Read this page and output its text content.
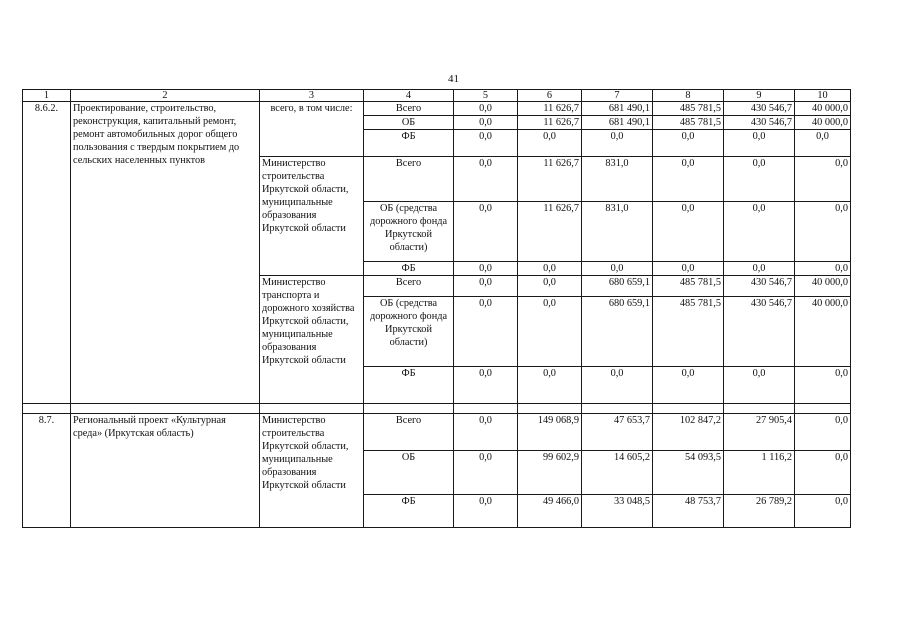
41
1	2	3	4	5	6	7	8	9	10
8.6.2.	Проектирование, строительство, реконструкция, капитальный ремонт, ремонт автомобильных дорог общего пользования с твердым покрытием до сельских населенных пунктов	всего, в том числе:	Всего	0,0	11 626,7	681 490,1	485 781,5	430 546,7	40 000,0
			ОБ	0,0	11 626,7	681 490,1	485 781,5	430 546,7	40 000,0
			ФБ	0,0	0,0	0,0	0,0	0,0	0,0
		Министерство строительства Иркутской области, муниципальные образования Иркутской области	Всего	0,0	11 626,7	831,0	0,0	0,0	0,0
			ОБ (средства дорожного фонда Иркутской области)	0,0	11 626,7	831,0	0,0	0,0	0,0
			ФБ	0,0	0,0	0,0	0,0	0,0	0,0
		Министерство транспорта и дорожного хозяйства Иркутской области, муниципальные образования Иркутской области	Всего	0,0	0,0	680 659,1	485 781,5	430 546,7	40 000,0
			ОБ (средства дорожного фонда Иркутской области)	0,0	0,0	680 659,1	485 781,5	430 546,7	40 000,0
			ФБ	0,0	0,0	0,0	0,0	0,0	0,0

8.7.	Региональный проект «Культурная среда» (Иркутская область)	Министерство строительства Иркутской области, муниципальные образования Иркутской области	Всего	0,0	149 068,9	47 653,7	102 847,2	27 905,4	0,0
			ОБ	0,0	99 602,9	14 605,2	54 093,5	1 116,2	0,0
			ФБ	0,0	49 466,0	33 048,5	48 753,7	26 789,2	0,0
